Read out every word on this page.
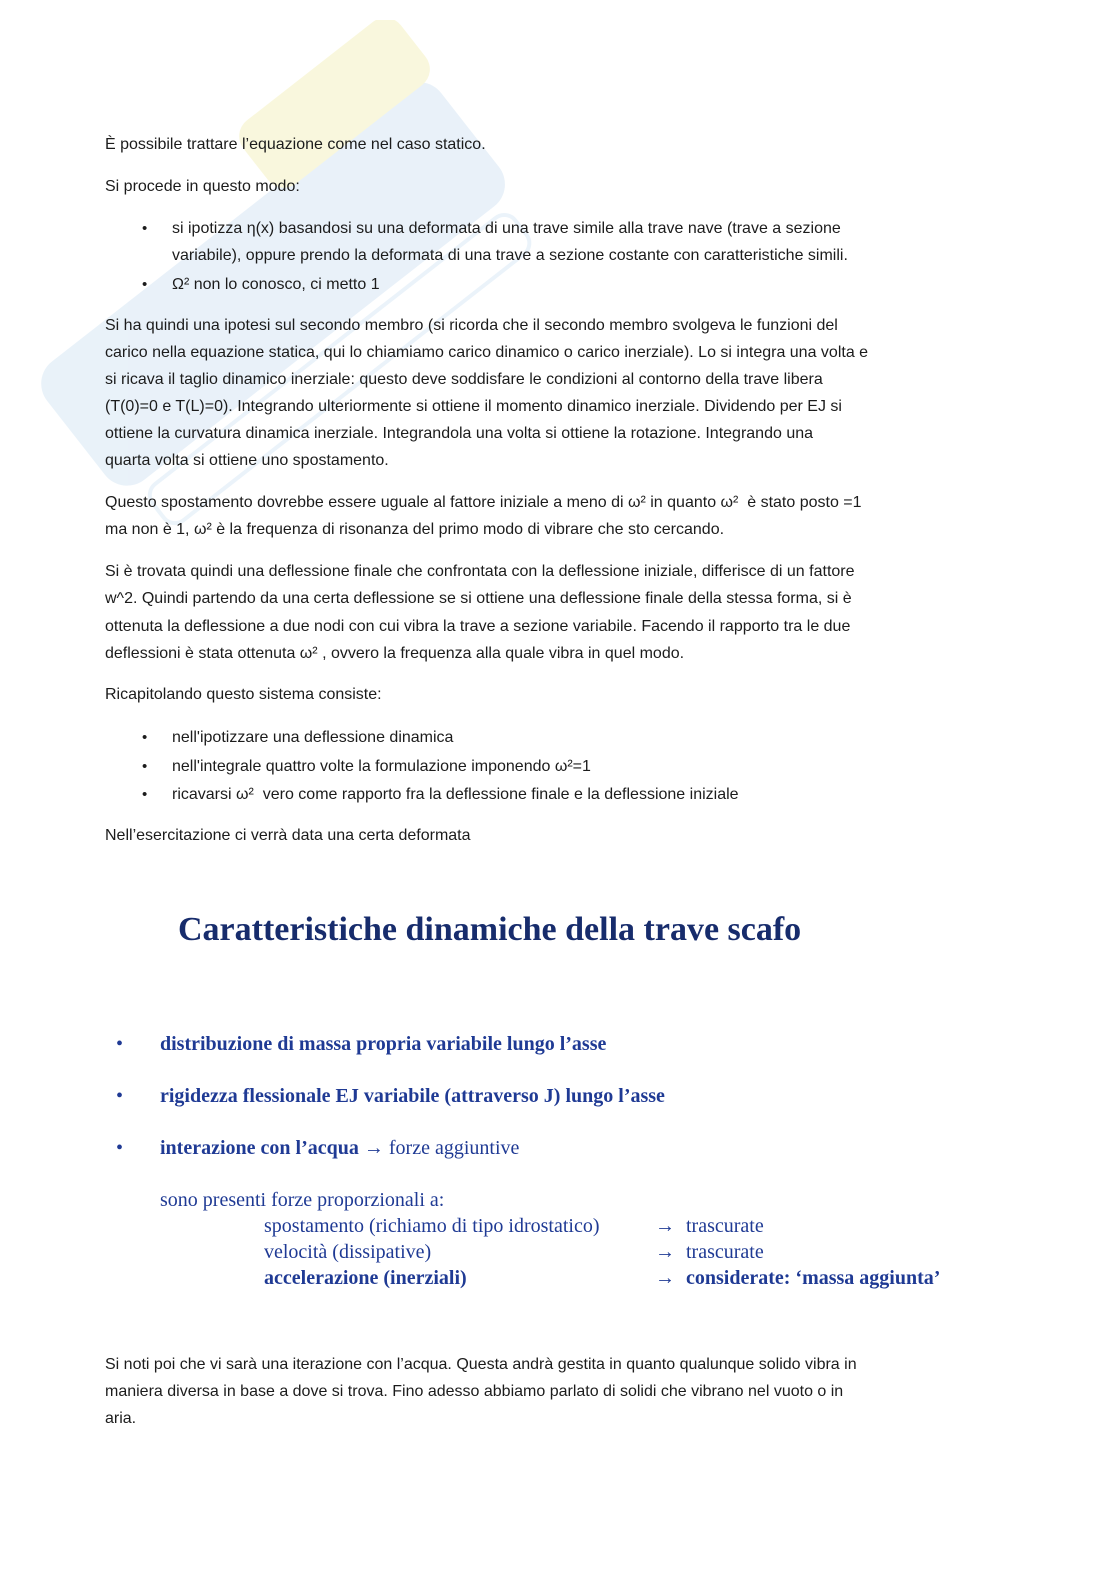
È possibile trattare l’equazione come nel caso statico.
Si procede in questo modo:
• si ipotizza η(x) basandosi su una deformata di una trave simile alla trave nave (trave a sezione
variabile), oppure prendo la deformata di una trave a sezione costante con caratteristiche simili.
• Ω² non lo conosco, ci metto 1
Si ha quindi una ipotesi sul secondo membro (si ricorda che il secondo membro svolgeva le funzioni del
carico nella equazione statica, qui lo chiamiamo carico dinamico o carico inerziale). Lo si integra una volta e
si ricava il taglio dinamico inerziale: questo deve soddisfare le condizioni al contorno della trave libera
(T(0)=0 e T(L)=0). Integrando ulteriormente si ottiene il momento dinamico inerziale. Dividendo per EJ si
ottiene la curvatura dinamica inerziale. Integrandola una volta si ottiene la rotazione. Integrando una
quarta volta si ottiene uno spostamento.
Questo spostamento dovrebbe essere uguale al fattore iniziale a meno di ω² in quanto ω²  è stato posto =1
ma non è 1, ω² è la frequenza di risonanza del primo modo di vibrare che sto cercando.
Si è trovata quindi una deflessione finale che confrontata con la deflessione iniziale, differisce di un fattore
w^2. Quindi partendo da una certa deflessione se si ottiene una deflessione finale della stessa forma, si è
ottenuta la deflessione a due nodi con cui vibra la trave a sezione variabile. Facendo il rapporto tra le due
deflessioni è stata ottenuta ω² , ovvero la frequenza alla quale vibra in quel modo.
Ricapitolando questo sistema consiste:
• nell'ipotizzare una deflessione dinamica
• nell'integrale quattro volte la formulazione imponendo ω²=1
• ricavarsi ω²  vero come rapporto fra la deflessione finale e la deflessione iniziale
Nell’esercitazione ci verrà data una certa deformata
Caratteristiche dinamiche della trave scafo
• distribuzione di massa propria variabile lungo l’asse
• rigidezza flessionale EJ variabile (attraverso J) lungo l’asse
• interazione con l’acqua → forze aggiuntive
sono presenti forze proporzionali a:
spostamento (richiamo di tipo idrostatico)	→ trascurate
velocità (dissipative)	→ trascurate
accelerazione (inerziali)	→ considerate: ‘massa aggiunta’
Si noti poi che vi sarà una iterazione con l’acqua. Questa andrà gestita in quanto qualunque solido vibra in
maniera diversa in base a dove si trova. Fino adesso abbiamo parlato di solidi che vibrano nel vuoto o in
aria.
